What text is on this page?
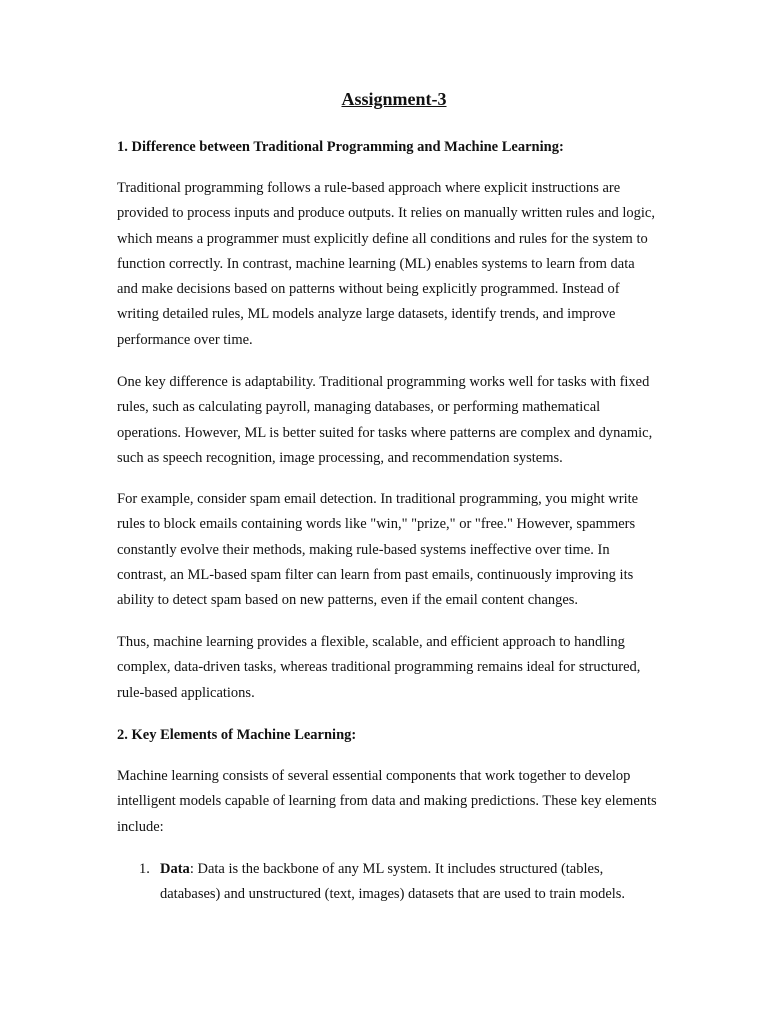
Assignment-3
1. Difference between Traditional Programming and Machine Learning:

Traditional programming follows a rule-based approach where explicit instructions are provided to process inputs and produce outputs. It relies on manually written rules and logic, which means a programmer must explicitly define all conditions and rules for the system to function correctly. In contrast, machine learning (ML) enables systems to learn from data and make decisions based on patterns without being explicitly programmed. Instead of writing detailed rules, ML models analyze large datasets, identify trends, and improve performance over time.

One key difference is adaptability. Traditional programming works well for tasks with fixed rules, such as calculating payroll, managing databases, or performing mathematical operations. However, ML is better suited for tasks where patterns are complex and dynamic, such as speech recognition, image processing, and recommendation systems.

For example, consider spam email detection. In traditional programming, you might write rules to block emails containing words like "win," "prize," or "free." However, spammers constantly evolve their methods, making rule-based systems ineffective over time. In contrast, an ML-based spam filter can learn from past emails, continuously improving its ability to detect spam based on new patterns, even if the email content changes.

Thus, machine learning provides a flexible, scalable, and efficient approach to handling complex, data-driven tasks, whereas traditional programming remains ideal for structured, rule-based applications.

2. Key Elements of Machine Learning:

Machine learning consists of several essential components that work together to develop intelligent models capable of learning from data and making predictions. These key elements include:

1. Data: Data is the backbone of any ML system. It includes structured (tables, databases) and unstructured (text, images) datasets that are used to train models.
